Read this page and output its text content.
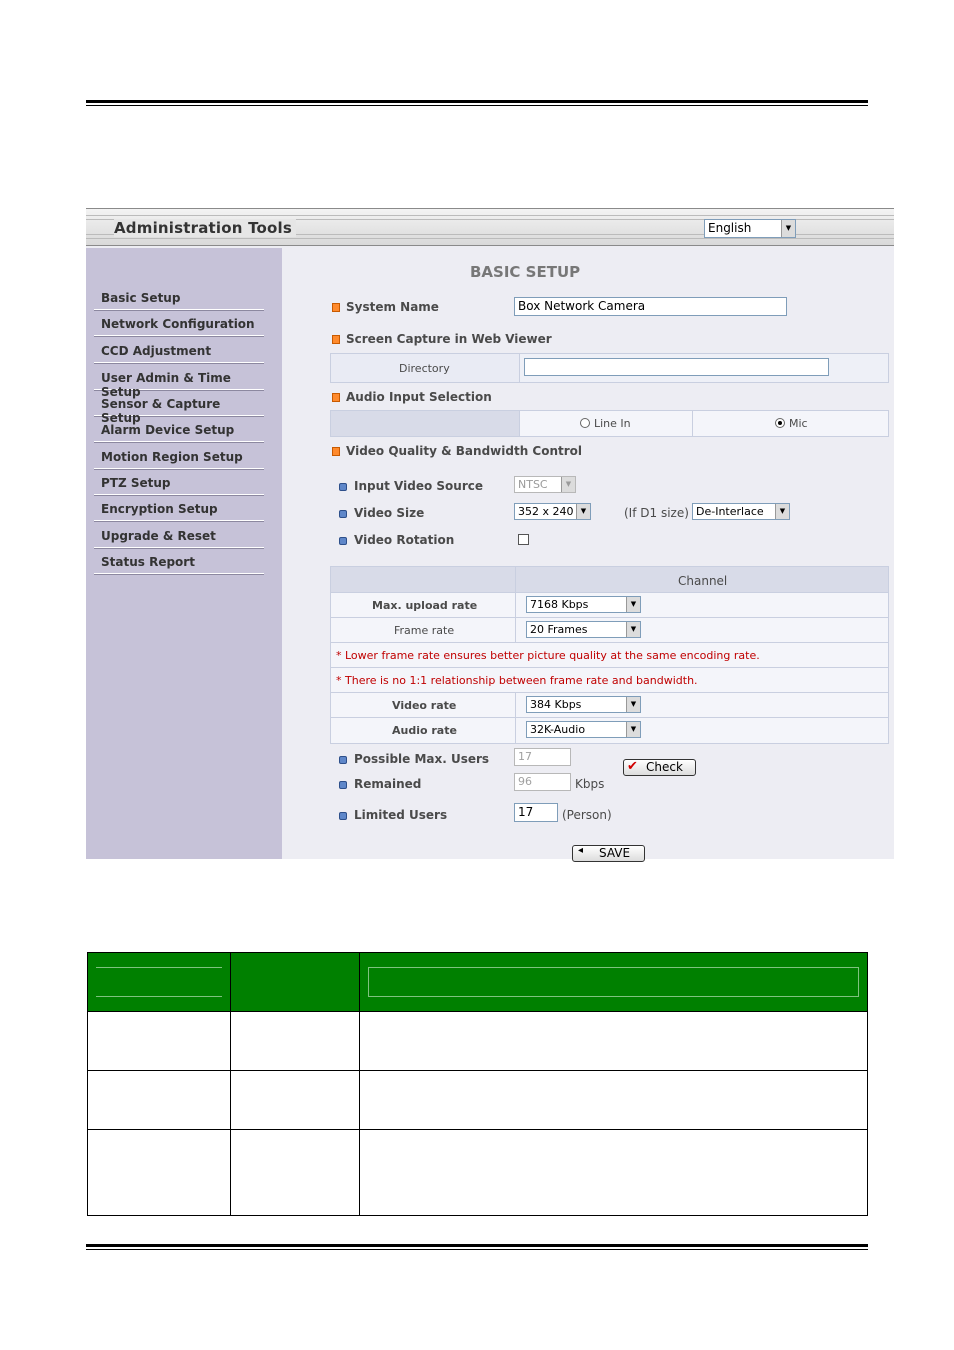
Administration Tools	English	▼
Basic Setup
Network Configuration
CCD Adjustment
User Admin & Time Setup
Sensor & Capture Setup
Alarm Device Setup
Motion Region Setup
PTZ Setup
Encryption Setup
Upgrade & Reset
Status Report
BASIC SETUP
System Name	Box Network Camera
Screen Capture in Web Viewer
Directory
Audio Input Selection
Line In	Mic
Video Quality & Bandwidth Control
Input Video Source	NTSC	▼
Video Size	352 x 240	▼	(If D1 size) De-Interlace	▼
Video Rotation
Channel
Max. upload rate	7168 Kbps	▼
Frame rate	20 Frames	▼
* Lower frame rate ensures better picture quality at the same encoding rate.
* There is no 1:1 relationship between frame rate and bandwidth.
Video rate	384 Kbps	▼
Audio rate	32K-Audio	▼
Possible Max. Users	17
Remained	96	Kbps
✔ Check
Limited Users	17	(Person)
◂ SAVE
